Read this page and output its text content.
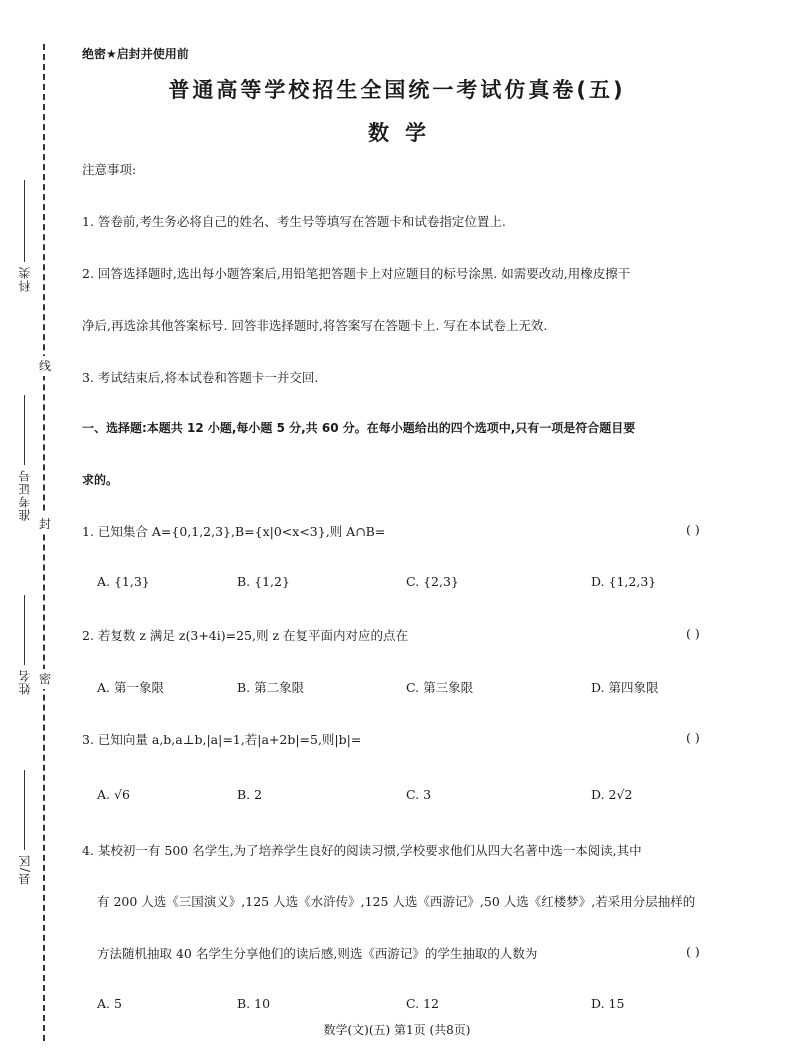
科类
准考证号
姓名
县/区
线
封
密
绝密★启封并使用前
普通高等学校招生全国统一考试仿真卷(五)
数学
注意事项:
1. 答卷前,考生务必将自己的姓名、考生号等填写在答题卡和试卷指定位置上.
2. 回答选择题时,选出每小题答案后,用铅笔把答题卡上对应题目的标号涂黑. 如需要改动,用橡皮擦干
净后,再选涂其他答案标号. 回答非选择题时,将答案写在答题卡上. 写在本试卷上无效.
3. 考试结束后,将本试卷和答题卡一并交回.
一、选择题:本题共 12 小题,每小题 5 分,共 60 分。在每小题给出的四个选项中,只有一项是符合题目要
求的。
1. 已知集合 A={0,1,2,3},B={x|0<x<3},则 A∩B=	( )
A. {1,3}	B. {1,2}	C. {2,3}	D. {1,2,3}
2. 若复数 z 满足 z(3+4i)=25,则 z 在复平面内对应的点在	( )
A. 第一象限	B. 第二象限	C. 第三象限	D. 第四象限
3. 已知向量 a,b,a⊥b,|a|=1,若|a+2b|=5,则|b|=	( )
A. √6	B. 2	C. 3	D. 2√2
4. 某校初一有 500 名学生,为了培养学生良好的阅读习惯,学校要求他们从四大名著中选一本阅读,其中
有 200 人选《三国演义》,125 人选《水浒传》,125 人选《西游记》,50 人选《红楼梦》,若采用分层抽样的
方法随机抽取 40 名学生分享他们的读后感,则选《西游记》的学生抽取的人数为	( )
A. 5	B. 10	C. 12	D. 15
数学(文)(五) 第1页 (共8页)
